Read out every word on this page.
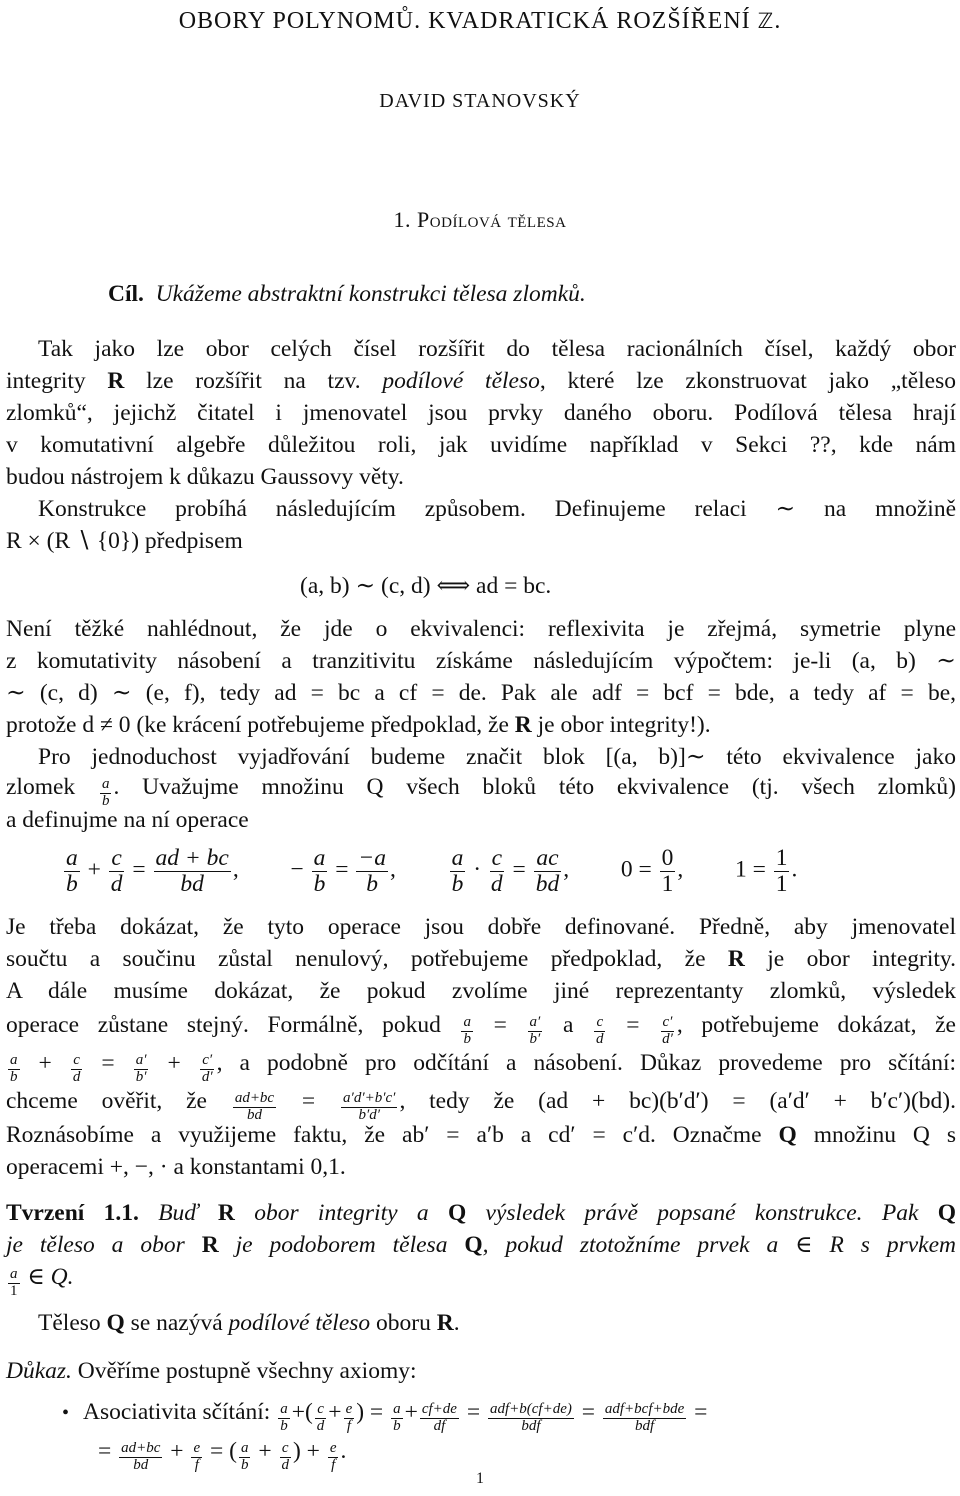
OBORY POLYNOMŮ. KVADRATICKÁ ROZŠÍŘENÍ ℤ.
DAVID STANOVSKÝ
1. Podílová tělesa
Cíl. Ukážeme abstraktní konstrukci tělesa zlomků.
Tak jako lze obor celých čísel rozšířit do tělesa racionálních čísel, každý obor
integrity R lze rozšířit na tzv. podílové těleso, které lze zkonstruovat jako „těleso
zlomků“, jejichž čitatel i jmenovatel jsou prvky daného oboru. Podílová tělesa hrají
v komutativní algebře důležitou roli, jak uvidíme například v Sekci ??, kde nám
budou nástrojem k důkazu Gaussovy věty.
Konstrukce probíhá následujícím způsobem. Definujeme relaci ∼ na množině
R × (R ∖ {0}) předpisem
(a, b) ∼ (c, d) ⟺ ad = bc.
Není těžké nahlédnout, že jde o ekvivalenci: reflexivita je zřejmá, symetrie plyne
z komutativity násobení a tranzitivitu získáme následujícím výpočtem: je-li (a, b) ∼
∼ (c, d) ∼ (e, f), tedy ad = bc a cf = de. Pak ale adf = bcf = bde, a tedy af = be,
protože d ≠ 0 (ke krácení potřebujeme předpoklad, že R je obor integrity!).
Pro jednoduchost vyjadřování budeme značit blok [(a, b)]∼ této ekvivalence jako
zlomek $\frac{a}{b}$ . Uvažujme množinu Q všech bloků této ekvivalence (tj. všech zlomků)
a definujme na ní operace
$\frac{a}{b} + \frac{c}{d} = \frac{ad + bc}{bd}$ , − $\frac{a}{b} = \frac{-a}{b}$ , $\frac{a}{b} \cdot \frac{c}{d} = \frac{ac}{bd}$ , $0 = \frac{0}{1}$ , $1 = \frac{1}{1}$ .
Je třeba dokázat, že tyto operace jsou dobře definované. Předně, aby jmenovatel
součtu a součinu zůstal nenulový, potřebujeme předpoklad, že R je obor integrity.
A dále musíme dokázat, že pokud zvolíme jiné reprezentanty zlomků, výsledek
operace zůstane stejný. Formálně, pokud $\frac{a}{b} = \frac{a'}{b'}$ a $\frac{c}{d} = \frac{c'}{d'}$ , potřebujeme dokázat, že
$\frac{a}{b} + \frac{c}{d} = \frac{a'}{b'} + \frac{c'}{d'}$ , a podobně pro odčítání a násobení. Důkaz provedeme pro sčítání:
chceme ověřit, že $\frac{ad+bc}{bd} = \frac{a'd'+b'c'}{b'd'}$ , tedy že (ad + bc)(b′d′) = (a′d′ + b′c′)(bd).
Roznásobíme a využijeme faktu, že ab′ = a′b a cd′ = c′d. Označme Q množinu Q s
operacemi +, −, · a konstantami 0,1.
Tvrzení 1.1. Buď R obor integrity a Q výsledek právě popsané konstrukce. Pak Q
je těleso a obor R je podoborem tělesa Q, pokud ztotožníme prvek a ∈ R s prvkem
$\frac{a}{1}$ ∈ Q.
Těleso Q se nazývá podílové těleso oboru R.
Důkaz. Ověříme postupně všechny axiomy:
• Asociativita sčítání: $\frac{a}{b}$ +( $\frac{c}{d} + \frac{e}{f}$ ) = $\frac{a}{b} + \frac{cf+de}{df} = adf+b(cf+de)$
bdf
= adf+bcf+bde
bdf
=
= $\frac{ad+bc}{bd} + \frac{e}{f}$ = ( $\frac{a}{b} + \frac{c}{d}$ ) + $\frac{e}{f}$ .
1
